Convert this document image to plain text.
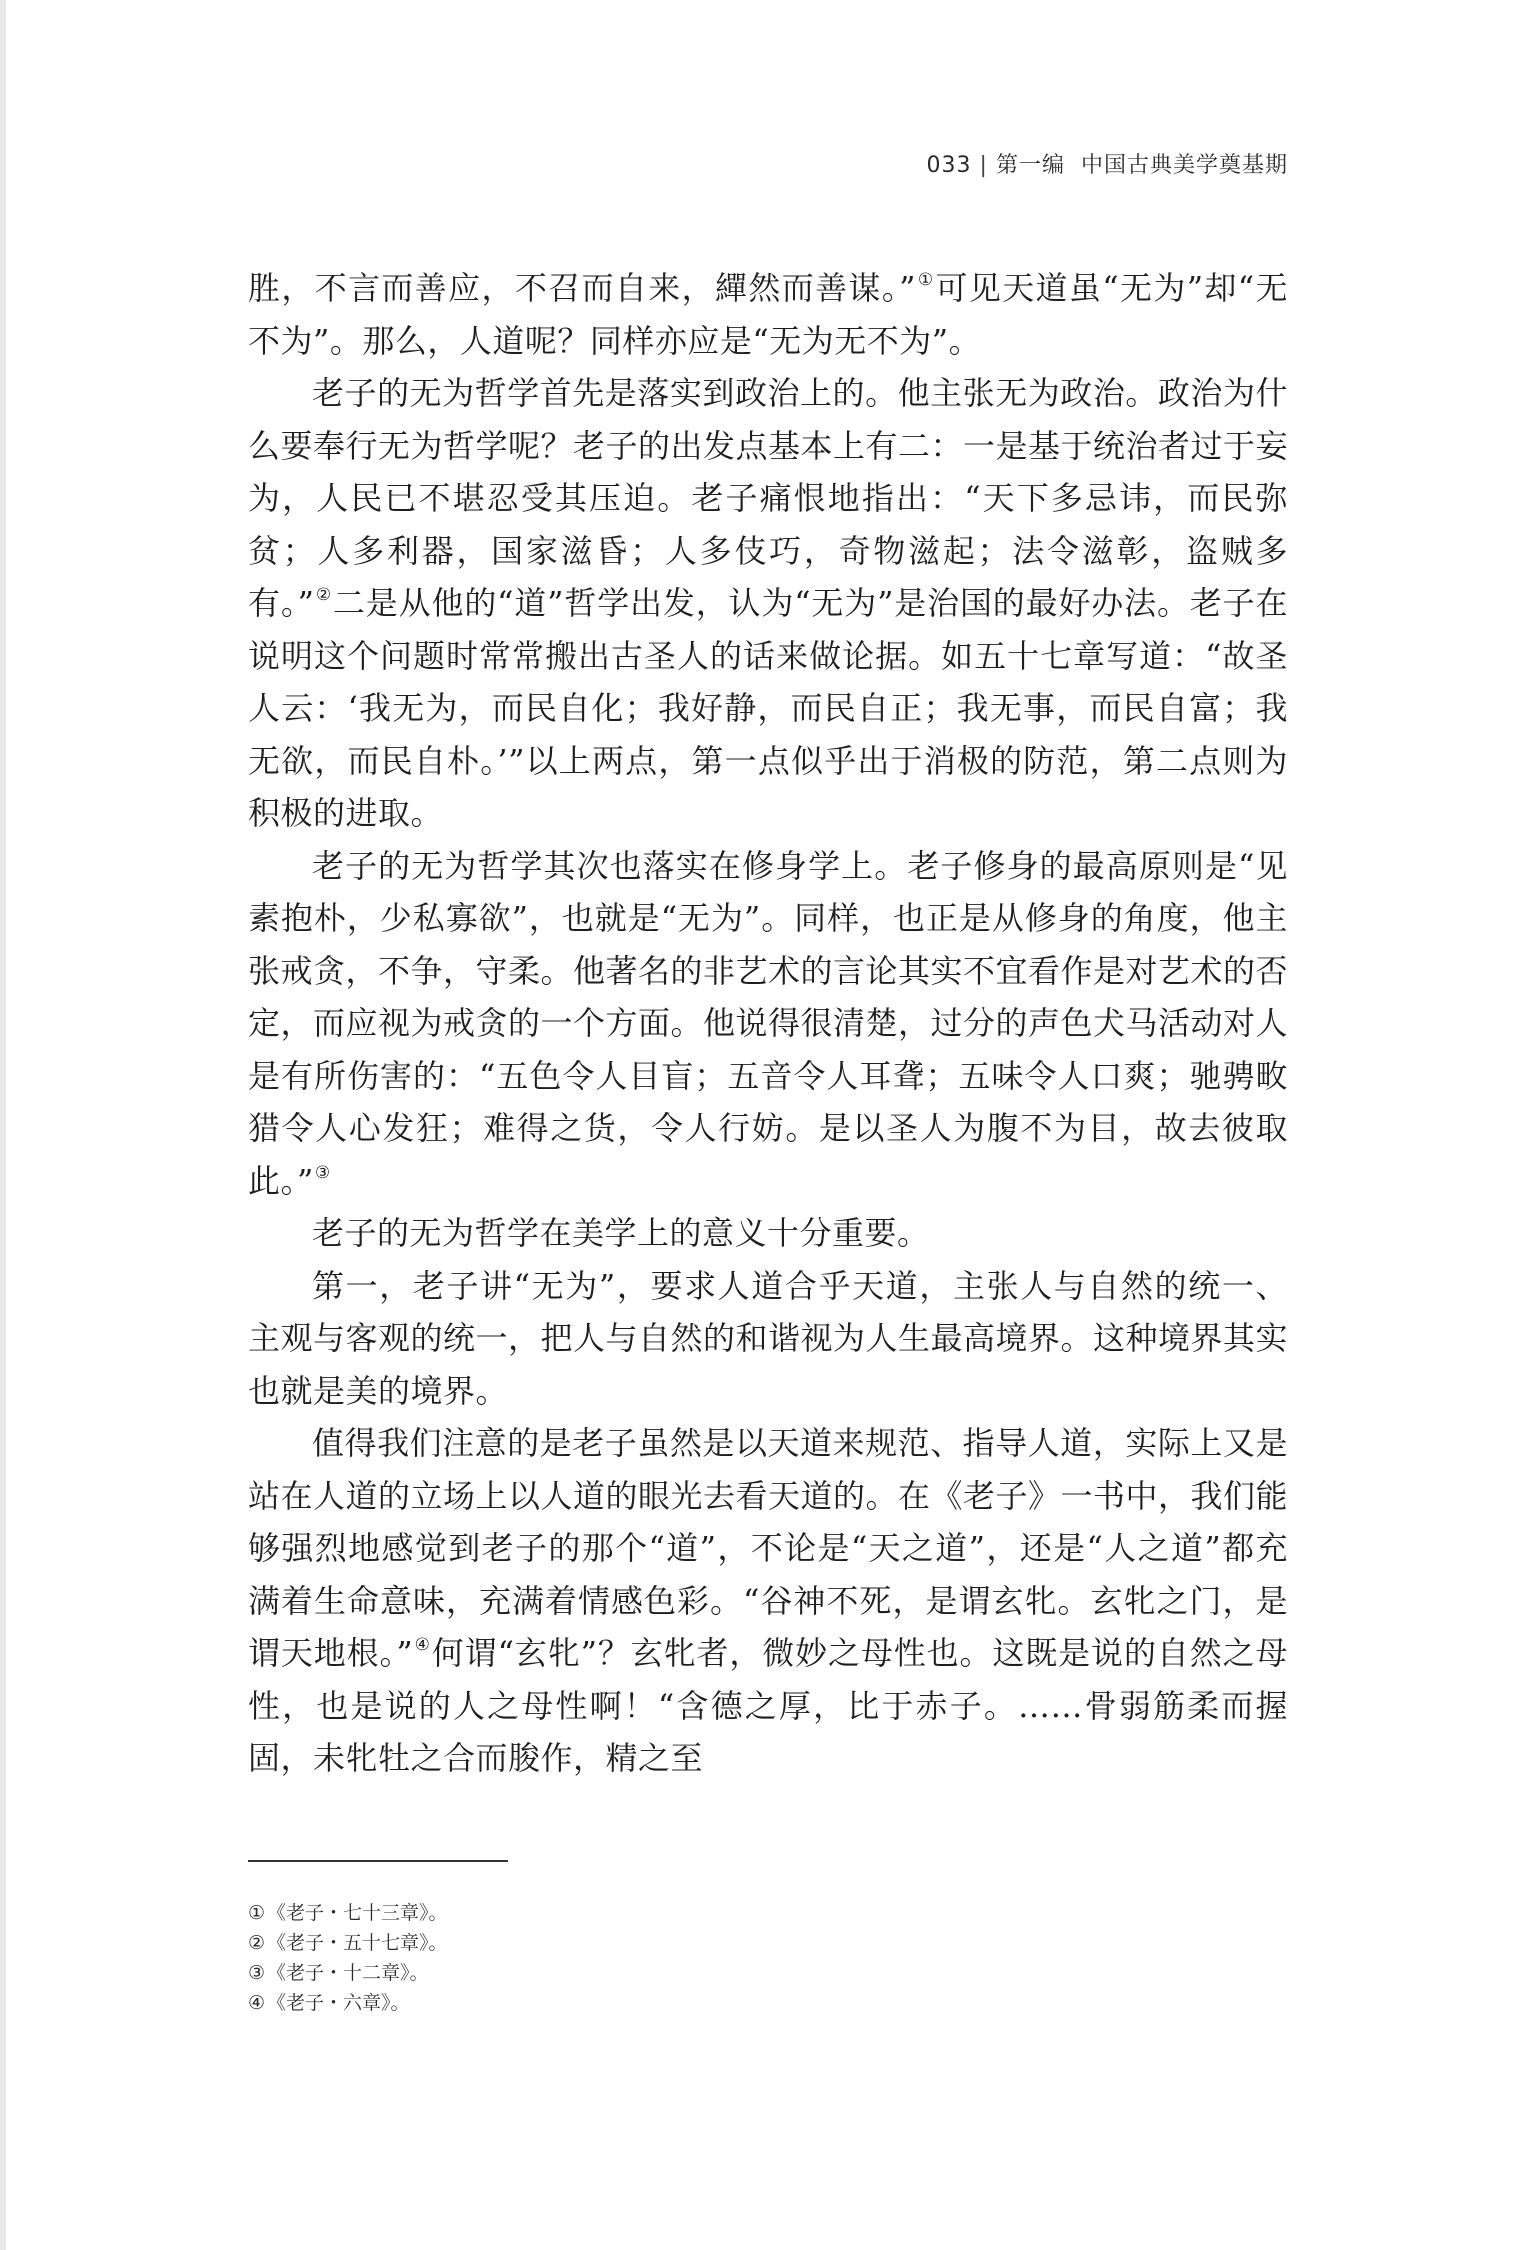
033 | 第一编 中国古典美学奠基期

胜，不言而善应，不召而自来，繟然而善谋。”①可见天道虽“无为”却“无不为”。那么，人道呢？同样亦应是“无为无不为”。

老子的无为哲学首先是落实到政治上的。他主张无为政治。政治为什么要奉行无为哲学呢？老子的出发点基本上有二：一是基于统治者过于妄为，人民已不堪忍受其压迫。老子痛恨地指出：“天下多忌讳，而民弥贫；人多利器，国家滋昏；人多伎巧，奇物滋起；法令滋彰，盗贼多有。”②二是从他的“道”哲学出发，认为“无为”是治国的最好办法。老子在说明这个问题时常常搬出古圣人的话来做论据。如五十七章写道：“故圣人云：‘我无为，而民自化；我好静，而民自正；我无事，而民自富；我无欲，而民自朴。’”以上两点，第一点似乎出于消极的防范，第二点则为积极的进取。

老子的无为哲学其次也落实在修身学上。老子修身的最高原则是“见素抱朴，少私寡欲”，也就是“无为”。同样，也正是从修身的角度，他主张戒贪，不争，守柔。他著名的非艺术的言论其实不宜看作是对艺术的否定，而应视为戒贪的一个方面。他说得很清楚，过分的声色犬马活动对人是有所伤害的：“五色令人目盲；五音令人耳聋；五味令人口爽；驰骋畋猎令人心发狂；难得之货，令人行妨。是以圣人为腹不为目，故去彼取此。”③

老子的无为哲学在美学上的意义十分重要。

第一，老子讲“无为”，要求人道合乎天道，主张人与自然的统一、主观与客观的统一，把人与自然的和谐视为人生最高境界。这种境界其实也就是美的境界。

值得我们注意的是老子虽然是以天道来规范、指导人道，实际上又是站在人道的立场上以人道的眼光去看天道的。在《老子》一书中，我们能够强烈地感觉到老子的那个“道”，不论是“天之道”，还是“人之道”都充满着生命意味，充满着情感色彩。“谷神不死，是谓玄牝。玄牝之门，是谓天地根。”④何谓“玄牝”？玄牝者，微妙之母性也。这既是说的自然之母性，也是说的人之母性啊！“含德之厚，比于赤子。……骨弱筋柔而握固，未牝牡之合而朘作，精之至

① 《老子・七十三章》。
② 《老子・五十七章》。
③ 《老子・十二章》。
④ 《老子・六章》。
